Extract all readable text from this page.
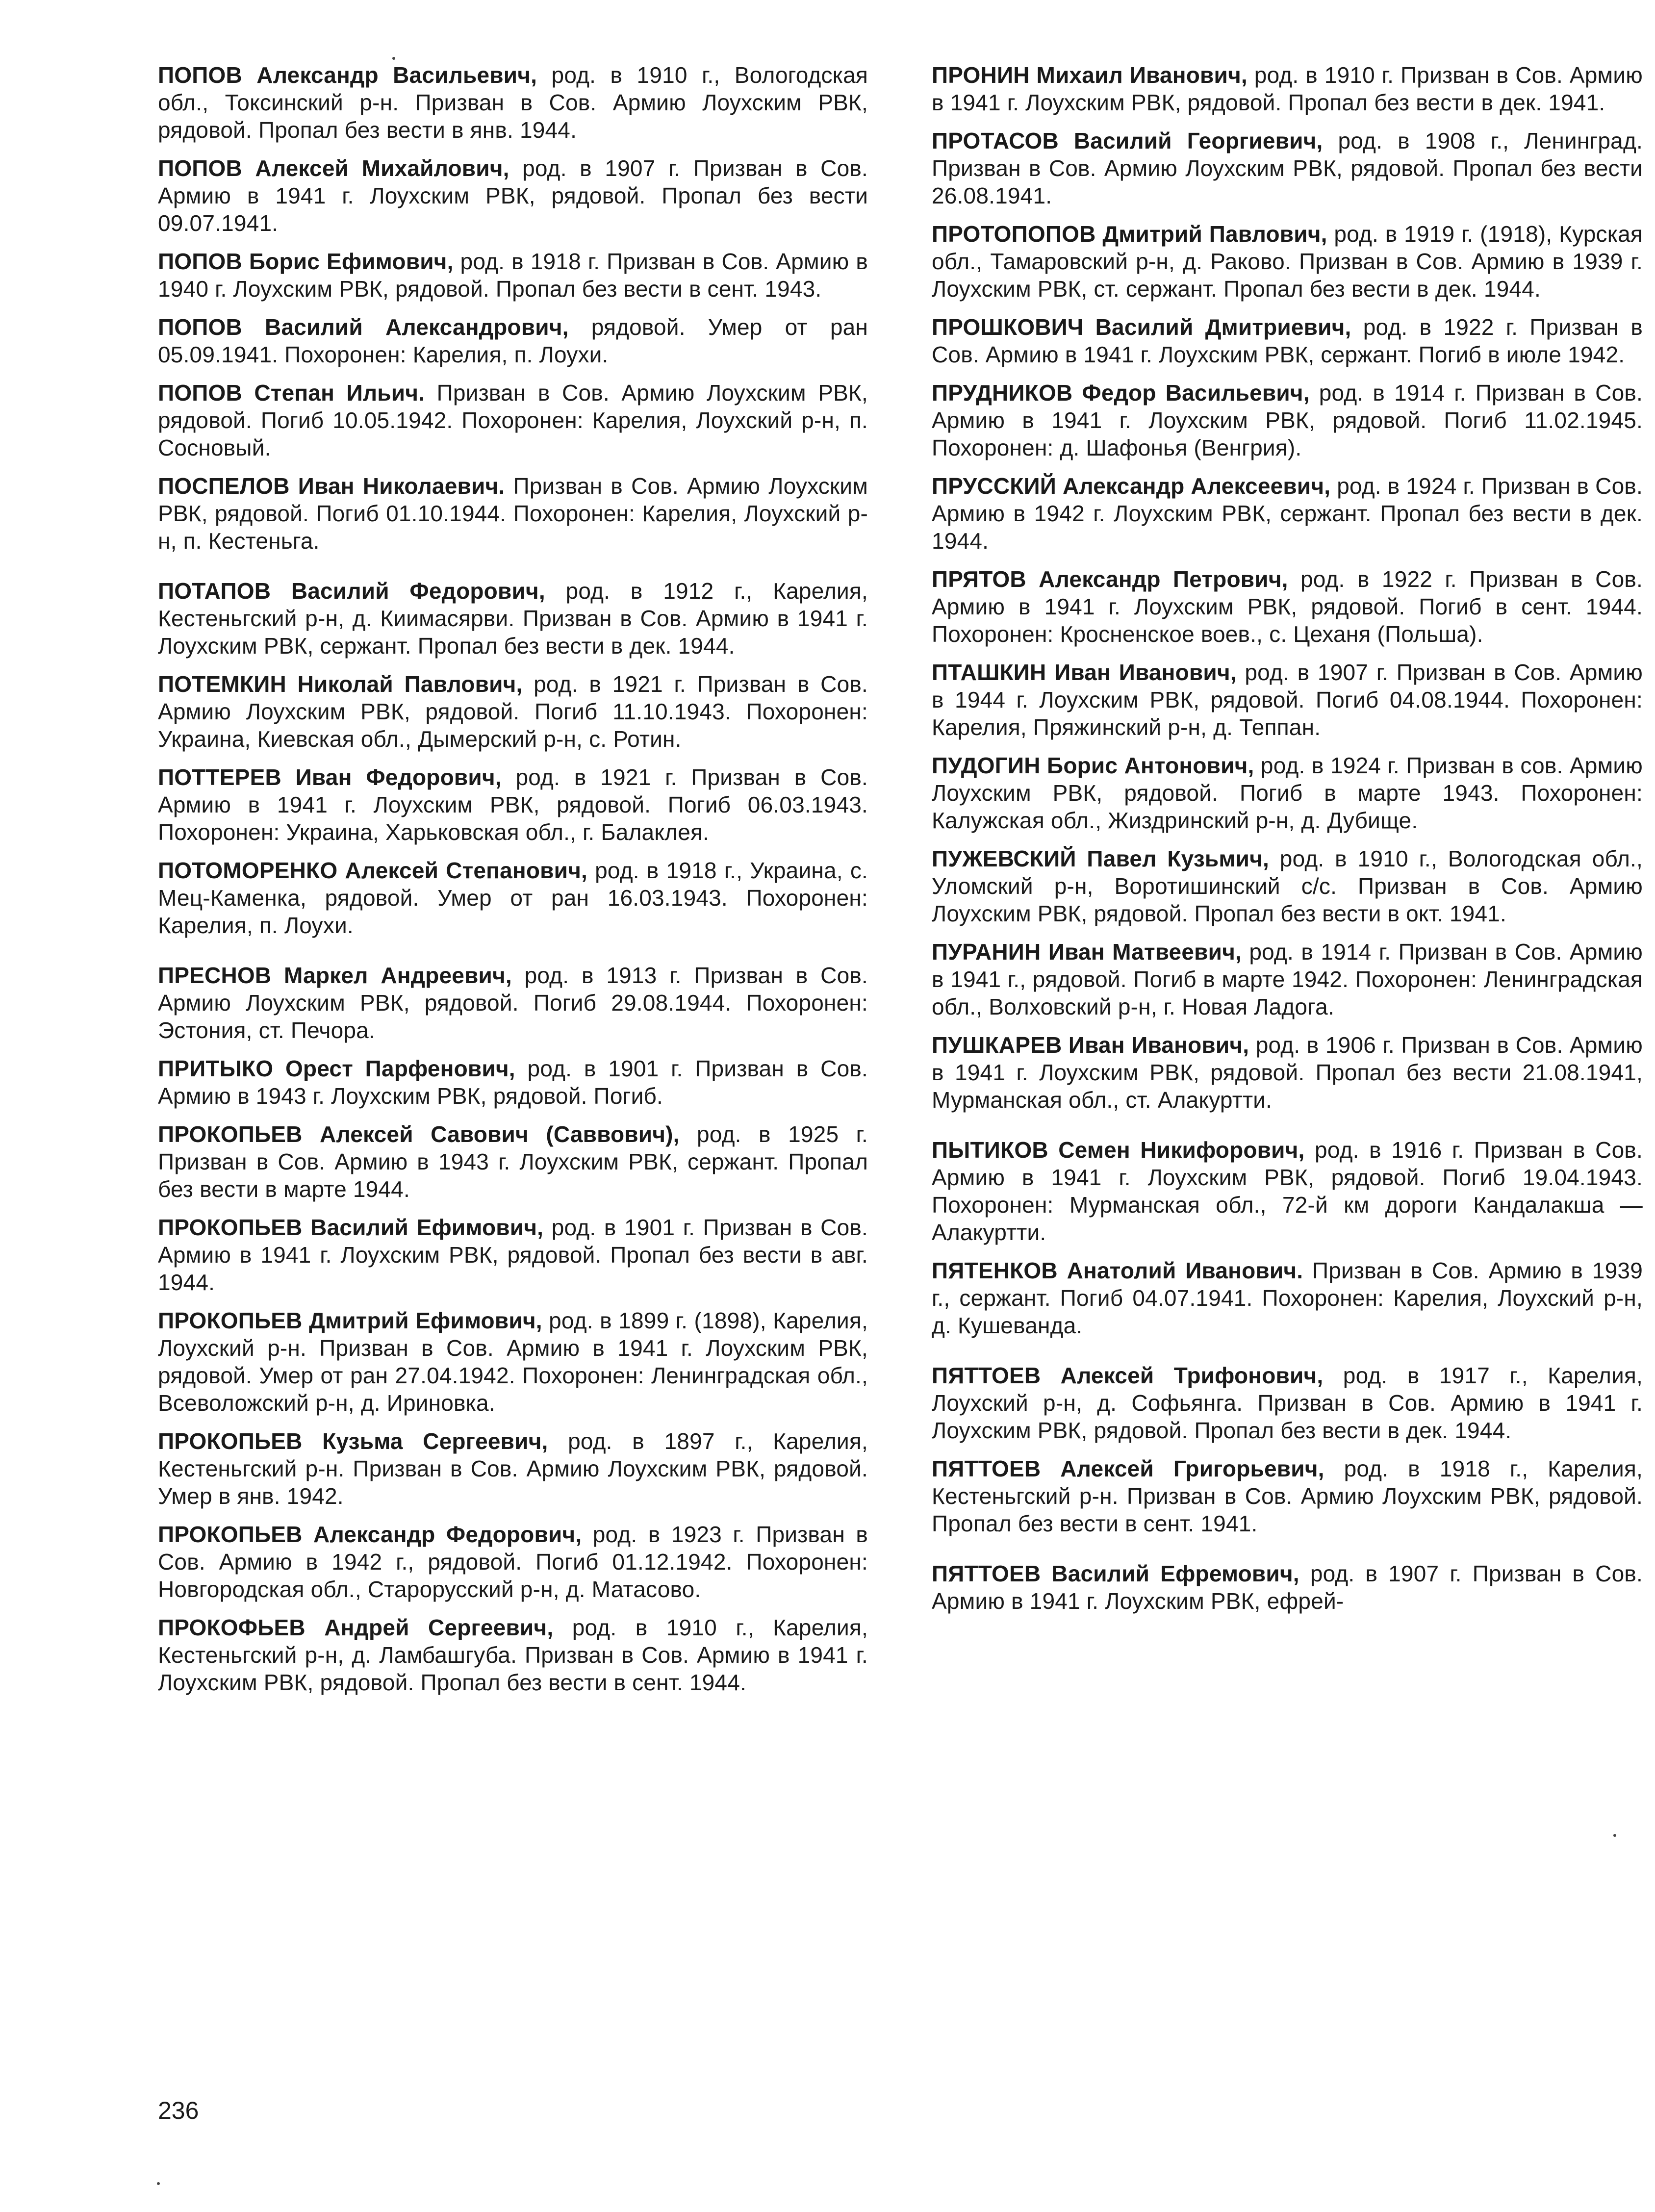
ПОПОВ Александр Васильевич, род. в 1910 г., Вологодская обл., Токсинский р-н. Призван в Сов. Армию Лоухским РВК, рядовой. Пропал без вести в янв. 1944.

ПОПОВ Алексей Михайлович, род. в 1907 г. Призван в Сов. Армию в 1941 г. Лоухским РВК, рядовой. Пропал без вести 09.07.1941.

ПОПОВ Борис Ефимович, род. в 1918 г. Призван в Сов. Армию в 1940 г. Лоухским РВК, рядовой. Пропал без вести в сент. 1943.

ПОПОВ Василий Александрович, рядовой. Умер от ран 05.09.1941. Похоронен: Карелия, п. Лоухи.

ПОПОВ Степан Ильич. Призван в Сов. Армию Лоухским РВК, рядовой. Погиб 10.05.1942. Похоронен: Карелия, Лоухский р-н, п. Сосновый.

ПОСПЕЛОВ Иван Николаевич. Призван в Сов. Армию Лоухским РВК, рядовой. Погиб 01.10.1944. Похоронен: Карелия, Лоухский р-н, п. Кестеньга.

ПОТАПОВ Василий Федорович, род. в 1912 г., Карелия, Кестеньгский р-н, д. Киимасярви. Призван в Сов. Армию в 1941 г. Лоухским РВК, сержант. Пропал без вести в дек. 1944.

ПОТЕМКИН Николай Павлович, род. в 1921 г. Призван в Сов. Армию Лоухским РВК, рядовой. Погиб 11.10.1943. Похоронен: Украина, Киевская обл., Дымерский р-н, с. Ротин.

ПОТТЕРЕВ Иван Федорович, род. в 1921 г. Призван в Сов. Армию в 1941 г. Лоухским РВК, рядовой. Погиб 06.03.1943. Похоронен: Украина, Харьковская обл., г. Балаклея.

ПОТОМОРЕНКО Алексей Степанович, род. в 1918 г., Украина, с. Мец-Каменка, рядовой. Умер от ран 16.03.1943. Похоронен: Карелия, п. Лоухи.

ПРЕСНОВ Маркел Андреевич, род. в 1913 г. Призван в Сов. Армию Лоухским РВК, рядовой. Погиб 29.08.1944. Похоронен: Эстония, ст. Печора.

ПРИТЫКО Орест Парфенович, род. в 1901 г. Призван в Сов. Армию в 1943 г. Лоухским РВК, рядовой. Погиб.

ПРОКОПЬЕВ Алексей Савович (Саввович), род. в 1925 г. Призван в Сов. Армию в 1943 г. Лоухским РВК, сержант. Пропал без вести в марте 1944.

ПРОКОПЬЕВ Василий Ефимович, род. в 1901 г. Призван в Сов. Армию в 1941 г. Лоухским РВК, рядовой. Пропал без вести в авг. 1944.

ПРОКОПЬЕВ Дмитрий Ефимович, род. в 1899 г. (1898), Карелия, Лоухский р-н. Призван в Сов. Армию в 1941 г. Лоухским РВК, рядовой. Умер от ран 27.04.1942. Похоронен: Ленинградская обл., Всеволожский р-н, д. Ириновка.

ПРОКОПЬЕВ Кузьма Сергеевич, род. в 1897 г., Карелия, Кестеньгский р-н. Призван в Сов. Армию Лоухским РВК, рядовой. Умер в янв. 1942.

ПРОКОПЬЕВ Александр Федорович, род. в 1923 г. Призван в Сов. Армию в 1942 г., рядовой. Погиб 01.12.1942. Похоронен: Новгородская обл., Старорусский р-н, д. Матасово.

ПРОКОФЬЕВ Андрей Сергеевич, род. в 1910 г., Карелия, Кестеньгский р-н, д. Ламбашгуба. Призван в Сов. Армию в 1941 г. Лоухским РВК, рядовой. Пропал без вести в сент. 1944.

ПРОНИН Михаил Иванович, род. в 1910 г. Призван в Сов. Армию в 1941 г. Лоухским РВК, рядовой. Пропал без вести в дек. 1941.

ПРОТАСОВ Василий Георгиевич, род. в 1908 г., Ленинград. Призван в Сов. Армию Лоухским РВК, рядовой. Пропал без вести 26.08.1941.

ПРОТОПОПОВ Дмитрий Павлович, род. в 1919 г. (1918), Курская обл., Тамаровский р-н, д. Раково. Призван в Сов. Армию в 1939 г. Лоухским РВК, ст. сержант. Пропал без вести в дек. 1944.

ПРОШКОВИЧ Василий Дмитриевич, род. в 1922 г. Призван в Сов. Армию в 1941 г. Лоухским РВК, сержант. Погиб в июле 1942.

ПРУДНИКОВ Федор Васильевич, род. в 1914 г. Призван в Сов. Армию в 1941 г. Лоухским РВК, рядовой. Погиб 11.02.1945. Похоронен: д. Шафонья (Венгрия).

ПРУССКИЙ Александр Алексеевич, род. в 1924 г. Призван в Сов. Армию в 1942 г. Лоухским РВК, сержант. Пропал без вести в дек. 1944.

ПРЯТОВ Александр Петрович, род. в 1922 г. Призван в Сов. Армию в 1941 г. Лоухским РВК, рядовой. Погиб в сент. 1944. Похоронен: Кросненское воев., с. Цеханя (Польша).

ПТАШКИН Иван Иванович, род. в 1907 г. Призван в Сов. Армию в 1944 г. Лоухским РВК, рядовой. Погиб 04.08.1944. Похоронен: Карелия, Пряжинский р-н, д. Теппан.

ПУДОГИН Борис Антонович, род. в 1924 г. Призван в сов. Армию Лоухским РВК, рядовой. Погиб в марте 1943. Похоронен: Калужская обл., Жиздринский р-н, д. Дубище.

ПУЖЕВСКИЙ Павел Кузьмич, род. в 1910 г., Вологодская обл., Уломский р-н, Воротишинский с/с. Призван в Сов. Армию Лоухским РВК, рядовой. Пропал без вести в окт. 1941.

ПУРАНИН Иван Матвеевич, род. в 1914 г. Призван в Сов. Армию в 1941 г., рядовой. Погиб в марте 1942. Похоронен: Ленинградская обл., Волховский р-н, г. Новая Ладога.

ПУШКАРЕВ Иван Иванович, род. в 1906 г. Призван в Сов. Армию в 1941 г. Лоухским РВК, рядовой. Пропал без вести 21.08.1941, Мурманская обл., ст. Алакуртти.

ПЫТИКОВ Семен Никифорович, род. в 1916 г. Призван в Сов. Армию в 1941 г. Лоухским РВК, рядовой. Погиб 19.04.1943. Похоронен: Мурманская обл., 72-й км дороги Кандалакша — Алакуртти.

ПЯТЕНКОВ Анатолий Иванович. Призван в Сов. Армию в 1939 г., сержант. Погиб 04.07.1941. Похоронен: Карелия, Лоухский р-н, д. Кушеванда.

ПЯТТОЕВ Алексей Трифонович, род. в 1917 г., Карелия, Лоухский р-н, д. Софьянга. Призван в Сов. Армию в 1941 г. Лоухским РВК, рядовой. Пропал без вести в дек. 1944.

ПЯТТОЕВ Алексей Григорьевич, род. в 1918 г., Карелия, Кестеньгский р-н. Призван в Сов. Армию Лоухским РВК, рядовой. Пропал без вести в сент. 1941.

ПЯТТОЕВ Василий Ефремович, род. в 1907 г. Призван в Сов. Армию в 1941 г. Лоухским РВК, ефрей-

236
